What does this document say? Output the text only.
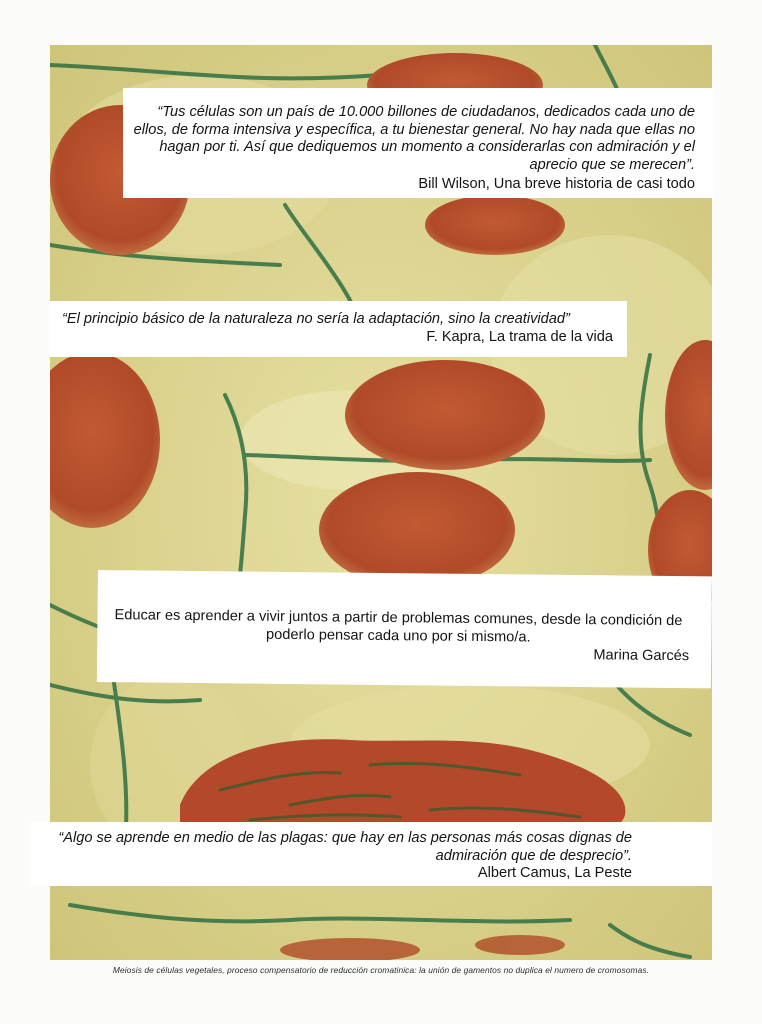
“Tus células son un país de 10.000 billones de ciudadanos, dedicados cada uno de ellos, de forma intensiva y específica, a tu bienestar general. No hay nada que ellas no hagan por ti. Así que dediquemos un momento a considerarlas con admiración y el aprecio que se merecen”.
Bill Wilson, Una breve historia de casi todo
“El principio básico de la naturaleza no sería la adaptación, sino la creatividad”
F. Kapra, La trama de la vida
Educar es aprender a vivir juntos a partir de problemas comunes, desde la condición de poderlo pensar cada uno por si mismo/a.
Marina Garcés
“Algo se aprende en medio de las plagas: que hay en las personas más cosas dignas de admiración que de desprecio”.
Albert Camus, La Peste
Meiosis de células vegetales, proceso compensatorio de reducción cromatinica: la unión de gamentos no duplica el numero de cromosomas.
